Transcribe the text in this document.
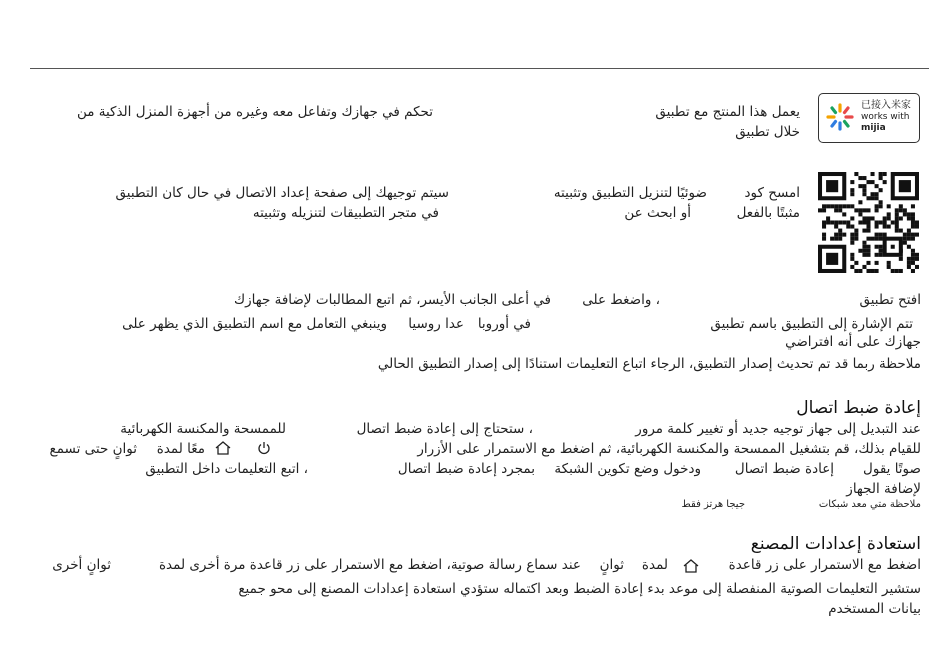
已接入米家
works with
mijia
يعمل هذا المنتج مع تطبيق
تحكم في جهازك وتفاعل معه وغيره من أجهزة المنزل الذكية من
خلال تطبيق
امسح كود
ضوئيًا لتنزيل التطبيق وتثبيته
سيتم توجيهك إلى صفحة إعداد الاتصال في حال كان التطبيق
مثبتًا بالفعل
أو ابحث عن
في متجر التطبيقات لتنزيله وتثبيته
افتح تطبيق
، واضغط على
في أعلى الجانب الأيسر، ثم اتبع المطالبات لإضافة جهازك
تتم الإشارة إلى التطبيق باسم تطبيق
في أوروبا
عدا روسيا
وينبغي التعامل مع اسم التطبيق الذي يظهر على
جهازك على أنه افتراضي
ملاحظة ربما قد تم تحديث إصدار التطبيق، الرجاء اتباع التعليمات استنادًا إلى إصدار التطبيق الحالي
إعادة ضبط اتصال
عند التبديل إلى جهاز توجيه جديد أو تغيير كلمة مرور
، ستحتاج إلى إعادة ضبط اتصال
للممسحة والمكنسة الكهربائية
للقيام بذلك، قم بتشغيل الممسحة والمكنسة الكهربائية، ثم اضغط مع الاستمرار على الأزرار
معًا لمدة
ثوانٍ حتى تسمع
صوتًا يقول
إعادة ضبط اتصال
ودخول وضع تكوين الشبكة
بمجرد إعادة ضبط اتصال
، اتبع التعليمات داخل التطبيق
لإضافة الجهاز
ملاحظة متي معد شبكات
جيجا هرتز فقط
استعادة إعدادات المصنع
اضغط مع الاستمرار على زر قاعدة
لمدة
ثوانٍ
عند سماع رسالة صوتية، اضغط مع الاستمرار على زر قاعدة مرة أخرى لمدة
ثوانٍ أخرى
ستشير التعليمات الصوتية المنفصلة إلى موعد بدء إعادة الضبط وبعد اكتماله ستؤدي استعادة إعدادات المصنع إلى محو جميع
بيانات المستخدم
